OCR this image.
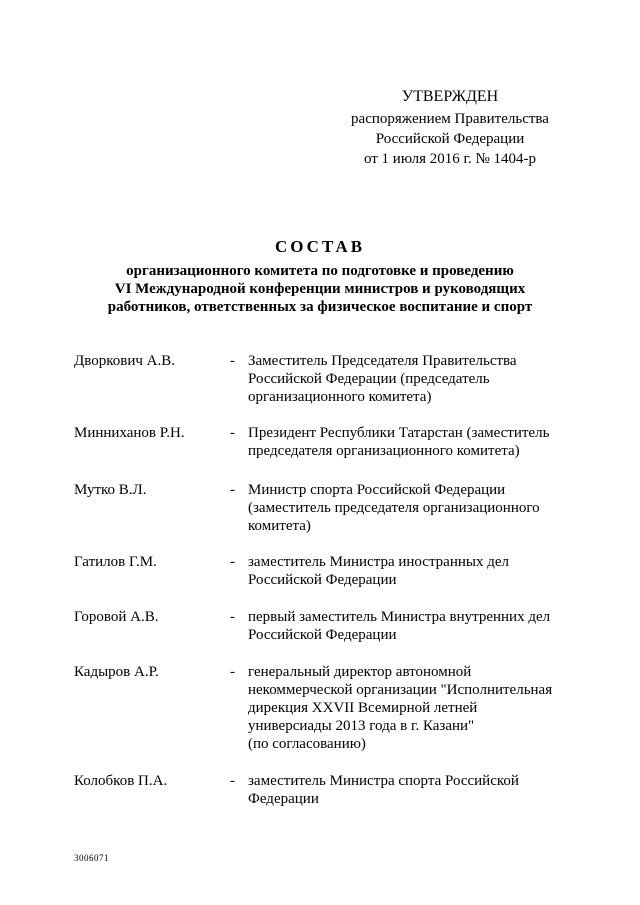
УТВЕРЖДЕН
распоряжением Правительства
Российской Федерации
от 1 июля 2016 г. № 1404-р
СОСТАВ
организационного комитета по подготовке и проведению
VI Международной конференции министров и руководящих
работников, ответственных за физическое воспитание и спорт
Дворкович А.В.	- Заместитель Председателя Правительства
Российской Федерации (председатель
организационного комитета)
Минниханов Р.Н.	- Президент Республики Татарстан (заместитель
председателя организационного комитета)
Мутко В.Л.	- Министр спорта Российской Федерации
(заместитель председателя организационного
комитета)
Гатилов Г.М.	- заместитель Министра иностранных дел
Российской Федерации
Горовой А.В.	- первый заместитель Министра внутренних дел
Российской Федерации
Кадыров А.Р.	- генеральный директор автономной
некоммерческой организации "Исполнительная
дирекция XXVII Всемирной летней
универсиады 2013 года в г. Казани"
(по согласованию)
Колобков П.А.	- заместитель Министра спорта Российской
Федерации
3006071
